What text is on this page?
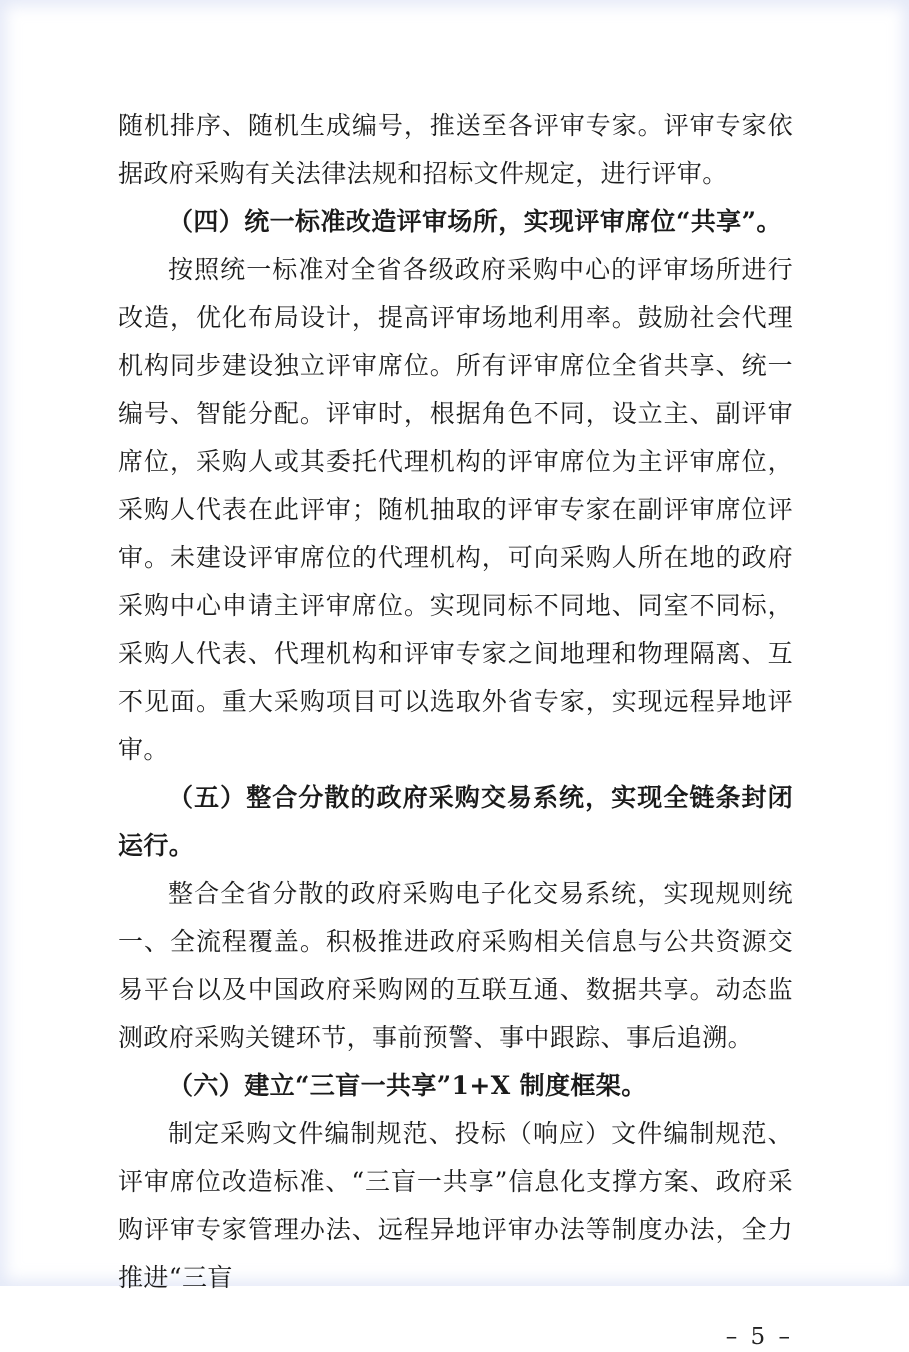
随机排序、随机生成编号，推送至各评审专家。评审专家依据政府采购有关法律法规和招标文件规定，进行评审。

（四）统一标准改造评审场所，实现评审席位“共享”。

按照统一标准对全省各级政府采购中心的评审场所进行改造，优化布局设计，提高评审场地利用率。鼓励社会代理机构同步建设独立评审席位。所有评审席位全省共享、统一编号、智能分配。评审时，根据角色不同，设立主、副评审席位，采购人或其委托代理机构的评审席位为主评审席位，采购人代表在此评审；随机抽取的评审专家在副评审席位评审。未建设评审席位的代理机构，可向采购人所在地的政府采购中心申请主评审席位。实现同标不同地、同室不同标，采购人代表、代理机构和评审专家之间地理和物理隔离、互不见面。重大采购项目可以选取外省专家，实现远程异地评审。

（五）整合分散的政府采购交易系统，实现全链条封闭运行。

整合全省分散的政府采购电子化交易系统，实现规则统一、全流程覆盖。积极推进政府采购相关信息与公共资源交易平台以及中国政府采购网的互联互通、数据共享。动态监测政府采购关键环节，事前预警、事中跟踪、事后追溯。

（六）建立“三盲一共享”1+X 制度框架。

制定采购文件编制规范、投标（响应）文件编制规范、评审席位改造标准、“三盲一共享”信息化支撑方案、政府采购评审专家管理办法、远程异地评审办法等制度办法，全力推进“三盲

– 5 –
